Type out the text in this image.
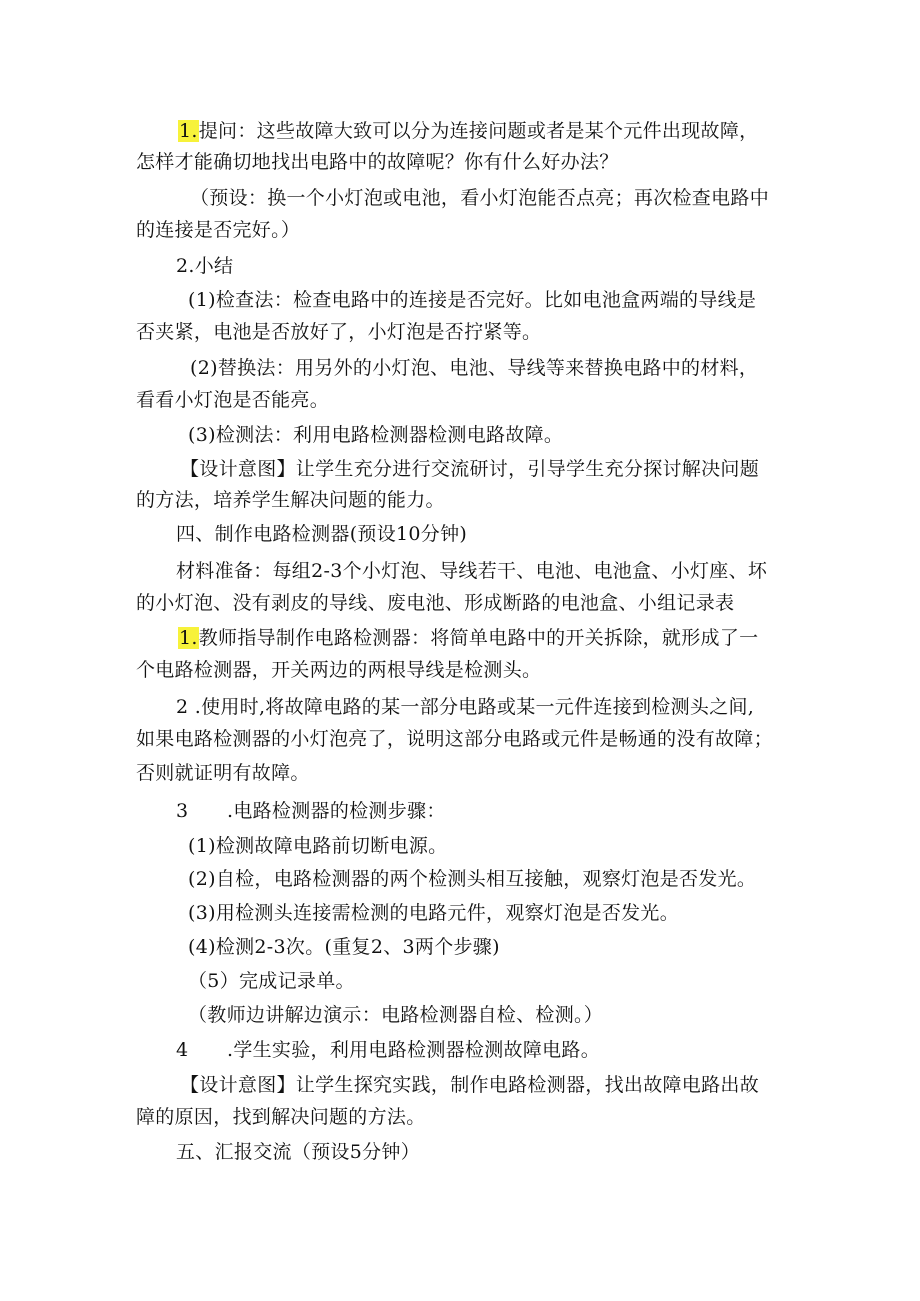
1.提问：这些故障大致可以分为连接问题或者是某个元件出现故障，
怎样才能确切地找出电路中的故障呢？你有什么好办法？
（预设：换一个小灯泡或电池，看小灯泡能否点亮；再次检查电路中
的连接是否完好。）
2.小结
(1)检查法：检查电路中的连接是否完好。比如电池盒两端的导线是
否夹紧，电池是否放好了，小灯泡是否拧紧等。
(2)替换法：用另外的小灯泡、电池、导线等来替换电路中的材料，
看看小灯泡是否能亮。
(3)检测法：利用电路检测器检测电路故障。
【设计意图】让学生充分进行交流研讨，引导学生充分探讨解决问题
的方法，培养学生解决问题的能力。
四、制作电路检测器(预设10分钟)
材料准备：每组2-3个小灯泡、导线若干、电池、电池盒、小灯座、坏
的小灯泡、没有剥皮的导线、废电池、形成断路的电池盒、小组记录表
1.教师指导制作电路检测器：将简单电路中的开关拆除，就形成了一
个电路检测器，开关两边的两根导线是检测头。
2 .使用时,将故障电路的某一部分电路或某一元件连接到检测头之间,
如果电路检测器的小灯泡亮了，说明这部分电路或元件是畅通的没有故障；
否则就证明有故障。
3　　.电路检测器的检测步骤：
(1)检测故障电路前切断电源。
(2)自检，电路检测器的两个检测头相互接触，观察灯泡是否发光。
(3)用检测头连接需检测的电路元件，观察灯泡是否发光。
(4)检测2-3次。(重复2、3两个步骤)
（5）完成记录单。
（教师边讲解边演示：电路检测器自检、检测。）
4　　.学生实验，利用电路检测器检测故障电路。
【设计意图】让学生探究实践，制作电路检测器，找出故障电路出故
障的原因，找到解决问题的方法。
五、汇报交流（预设5分钟）
